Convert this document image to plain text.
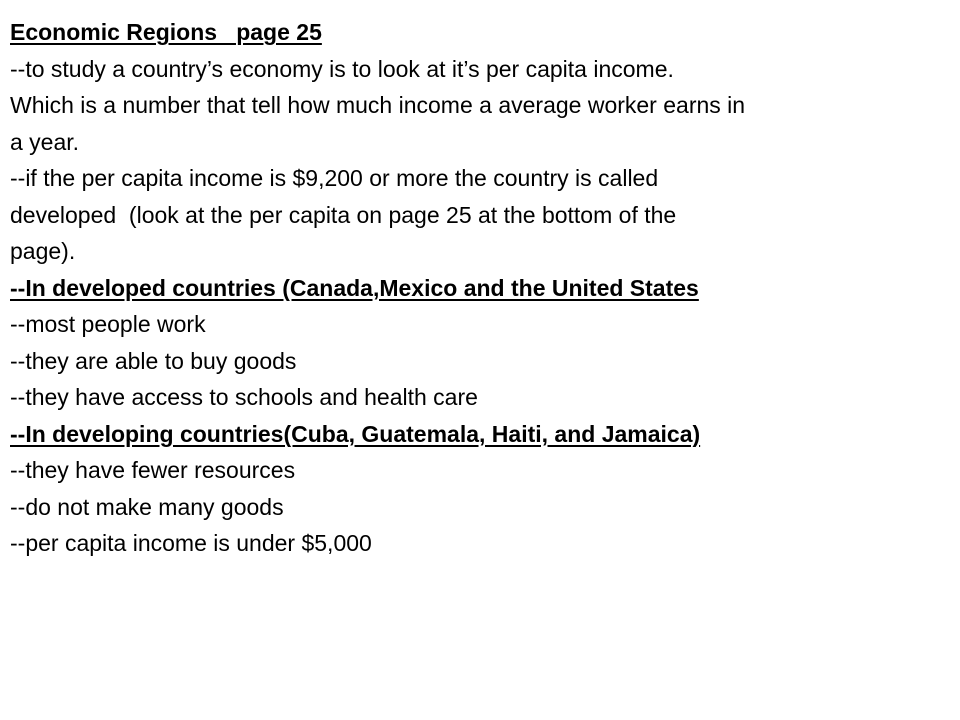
Economic Regions   page 25

--to study a country’s economy is to look at it’s per capita income.

Which is a number that tell how much income a average worker earns in

a year.

--if the per capita income is $9,200 or more the country is called

developed  (look at the per capita on page 25 at the bottom of the

page).

--In developed countries (Canada,Mexico and the United States

--most people work

--they are able to buy goods

--they have access to schools and health care

--In developing countries(Cuba, Guatemala, Haiti, and Jamaica)

--they have fewer resources

--do not make many goods

--per capita income is under $5,000
